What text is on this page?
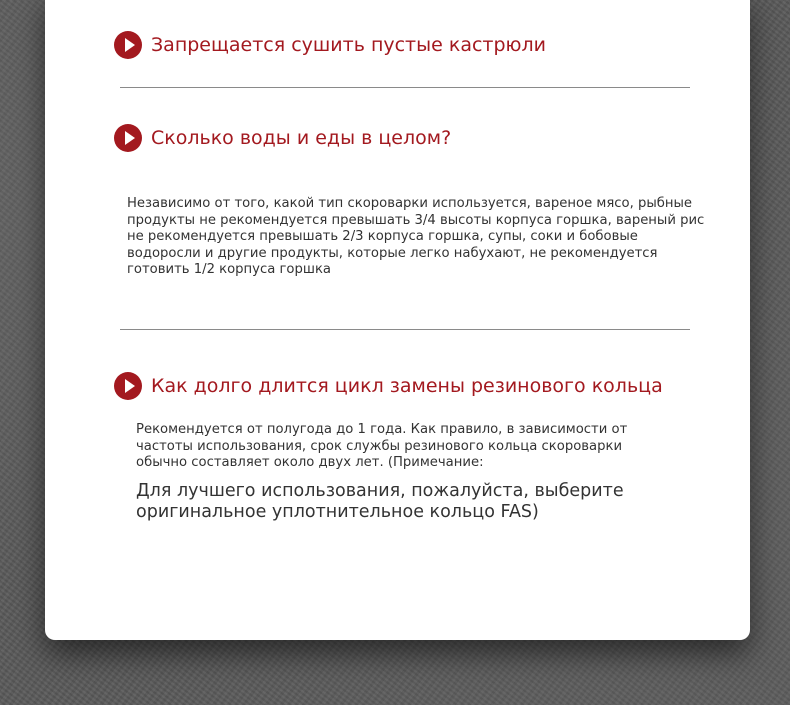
Запрещается сушить пустые кастрюли
Сколько воды и еды в целом?
Независимо от того, какой тип скороварки используется, вареное мясо, рыбные продукты не рекомендуется превышать 3/4 высоты корпуса горшка, вареный рис не рекомендуется превышать 2/3 корпуса горшка, супы, соки и бобовые водоросли и другие продукты, которые легко набухают, не рекомендуется готовить 1/2 корпуса горшка
Как долго длится цикл замены резинового кольца
Рекомендуется от полугода до 1 года. Как правило, в зависимости от частоты использования, срок службы резинового кольца скороварки обычно составляет около двух лет. (Примечание:
Для лучшего использования, пожалуйста, выберите оригинальное уплотнительное кольцо FAS)
